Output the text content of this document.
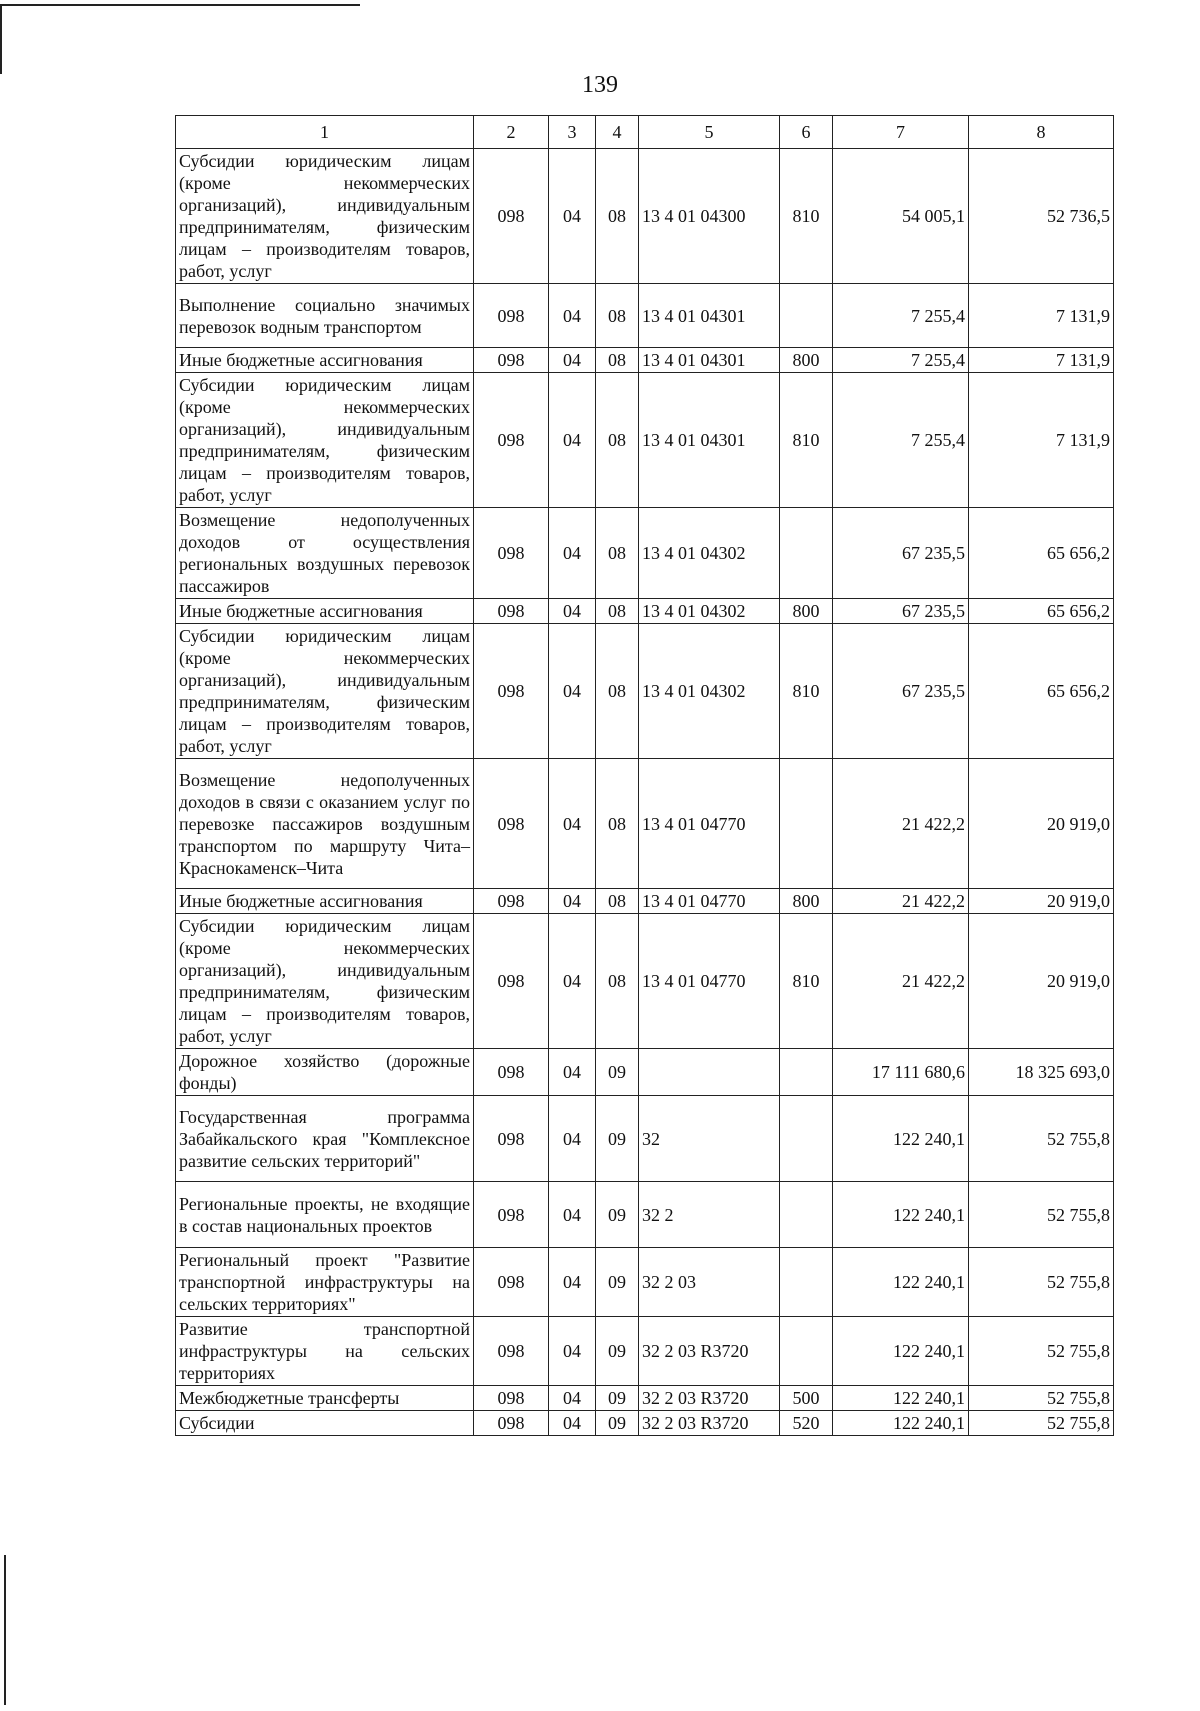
139
1	2	3	4	5	6	7	8
Субсидии юридическим лицам (кроме некоммерческих организаций), индивидуальным предпринимателям, физическим лицам – производителям товаров, работ, услуг	098	04	08	13 4 01 04300	810	54 005,1	52 736,5
Выполнение социально значимых перевозок водным транспортом	098	04	08	13 4 01 04301		7 255,4	7 131,9
Иные бюджетные ассигнования	098	04	08	13 4 01 04301	800	7 255,4	7 131,9
Субсидии юридическим лицам (кроме некоммерческих организаций), индивидуальным предпринимателям, физическим лицам – производителям товаров, работ, услуг	098	04	08	13 4 01 04301	810	7 255,4	7 131,9
Возмещение недополученных доходов от осуществления региональных воздушных перевозок пассажиров	098	04	08	13 4 01 04302		67 235,5	65 656,2
Иные бюджетные ассигнования	098	04	08	13 4 01 04302	800	67 235,5	65 656,2
Субсидии юридическим лицам (кроме некоммерческих организаций), индивидуальным предпринимателям, физическим лицам – производителям товаров, работ, услуг	098	04	08	13 4 01 04302	810	67 235,5	65 656,2
Возмещение недополученных доходов в связи с оказанием услуг по перевозке пассажиров воздушным транспортом по маршруту Чита–Краснокаменск–Чита	098	04	08	13 4 01 04770		21 422,2	20 919,0
Иные бюджетные ассигнования	098	04	08	13 4 01 04770	800	21 422,2	20 919,0
Субсидии юридическим лицам (кроме некоммерческих организаций), индивидуальным предпринимателям, физическим лицам – производителям товаров, работ, услуг	098	04	08	13 4 01 04770	810	21 422,2	20 919,0
Дорожное хозяйство (дорожные фонды)	098	04	09			17 111 680,6	18 325 693,0
Государственная программа Забайкальского края "Комплексное развитие сельских территорий"	098	04	09	32		122 240,1	52 755,8
Региональные проекты, не входящие в состав национальных проектов	098	04	09	32 2		122 240,1	52 755,8
Региональный проект "Развитие транспортной инфраструктуры на сельских территориях"	098	04	09	32 2 03		122 240,1	52 755,8
Развитие транспортной инфраструктуры на сельских территориях	098	04	09	32 2 03 R3720		122 240,1	52 755,8
Межбюджетные трансферты	098	04	09	32 2 03 R3720	500	122 240,1	52 755,8
Субсидии	098	04	09	32 2 03 R3720	520	122 240,1	52 755,8
